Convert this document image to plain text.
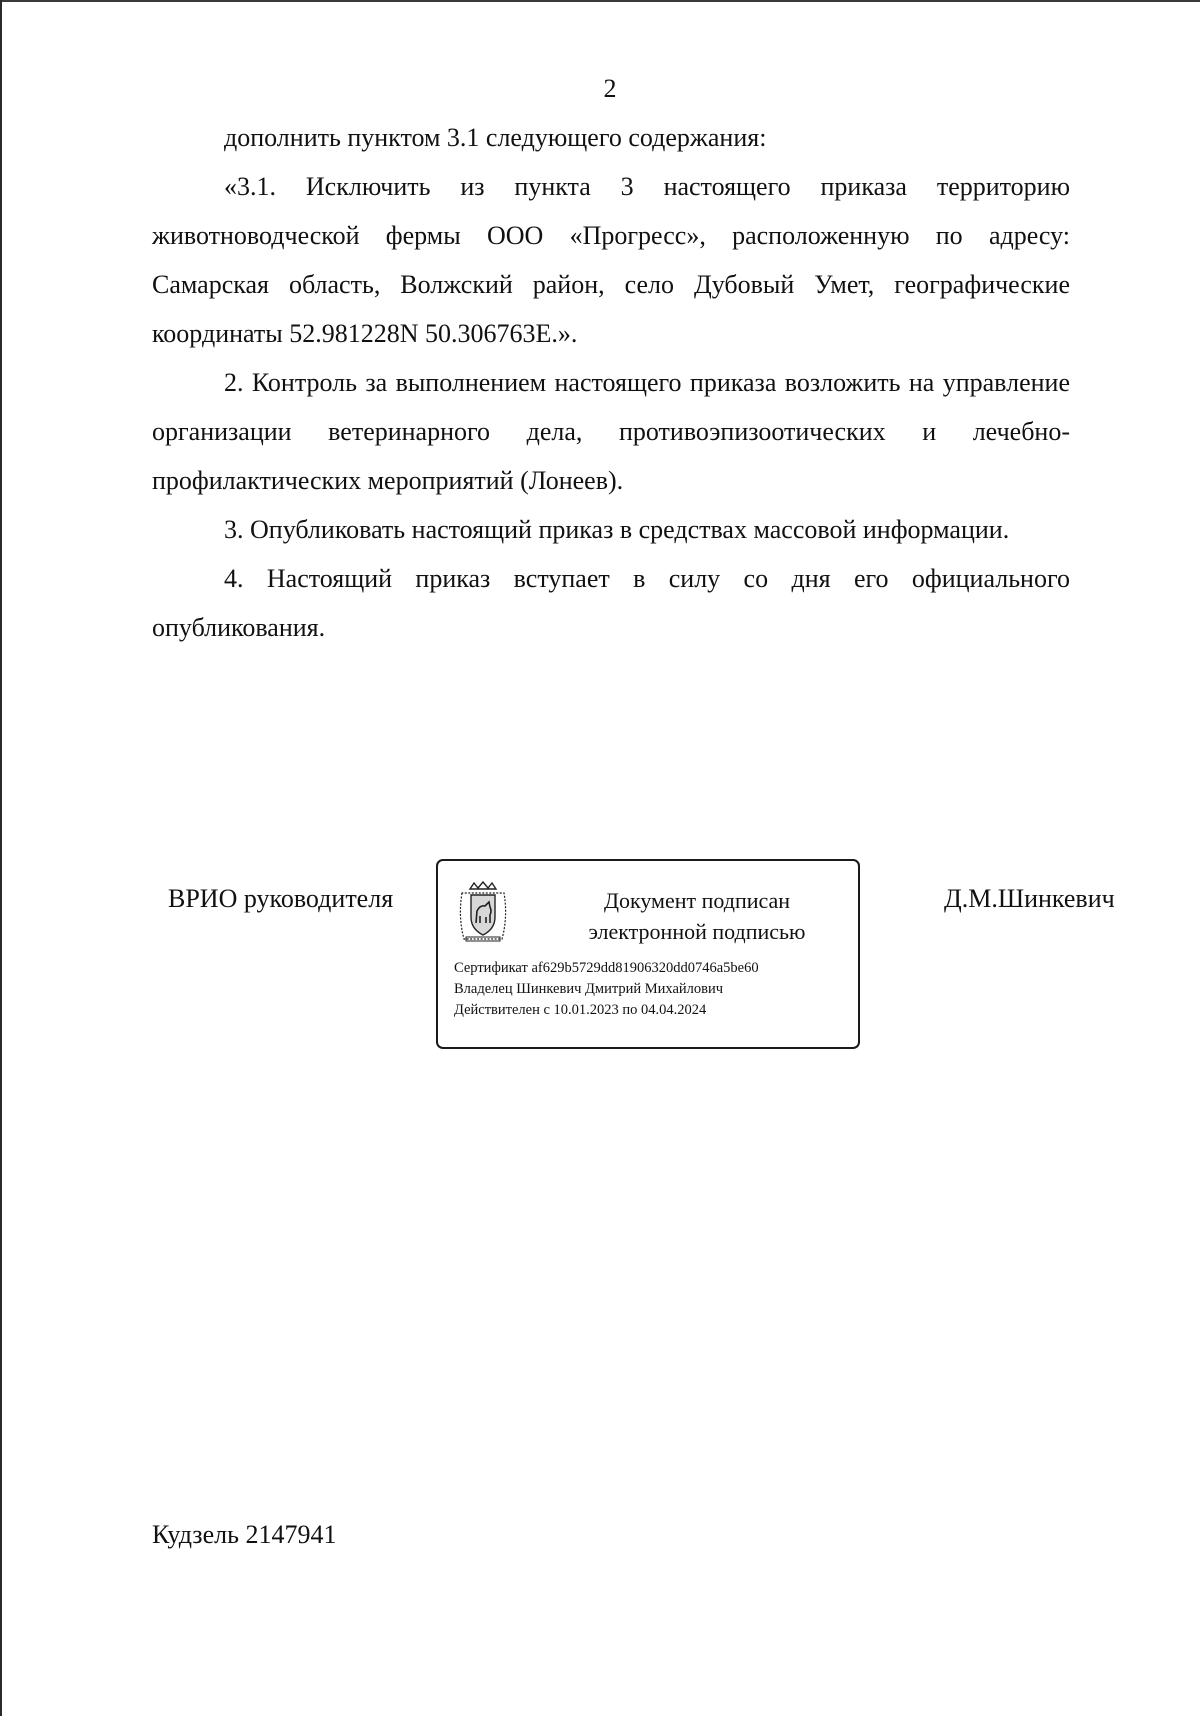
2

дополнить пунктом 3.1 следующего содержания:

«3.1. Исключить из пункта 3 настоящего приказа территорию животноводческой фермы ООО «Прогресс», расположенную по адресу: Самарская область, Волжский район, село Дубовый Умет, географические координаты 52.981228N 50.306763E.».

2. Контроль за выполнением настоящего приказа возложить на управление организации ветеринарного дела, противоэпизоотических и лечебно-профилактических мероприятий (Лонеев).

3. Опубликовать настоящий приказ в средствах массовой информации.

4. Настоящий приказ вступает в силу со дня его официального опубликования.

ВРИО руководителя	Документ подписан
электронной подписью
Сертификат af629b5729dd81906320dd0746a5be60
Владелец Шинкевич Дмитрий Михайлович
Действителен с 10.01.2023 по 04.04.2024
Д.М.Шинкевич
Кудзель 2147941
